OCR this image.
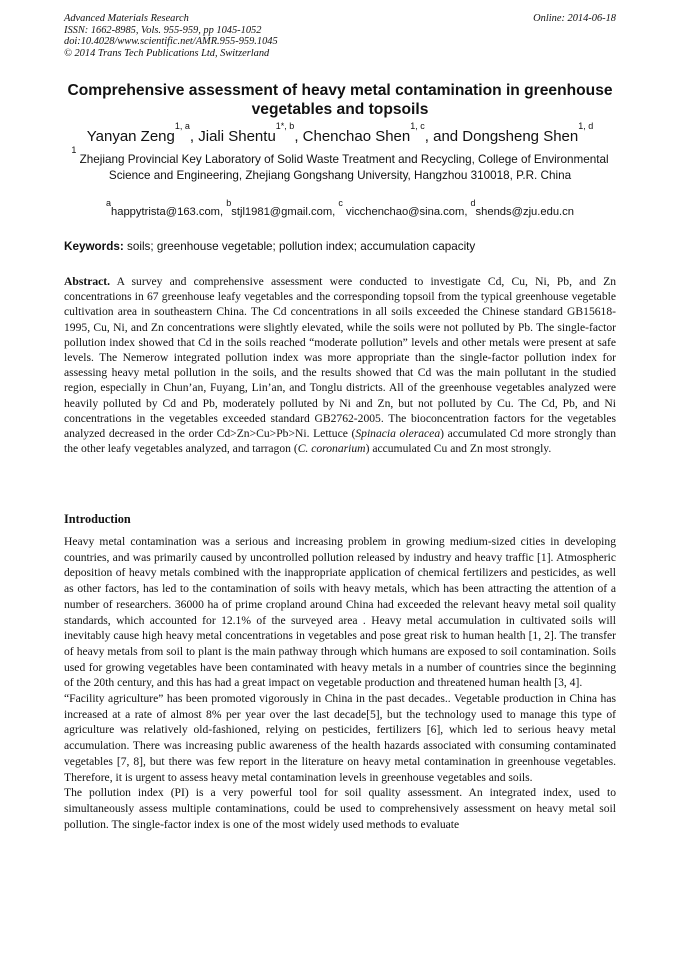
Advanced Materials Research
ISSN: 1662-8985, Vols. 955-959, pp 1045-1052
doi:10.4028/www.scientific.net/AMR.955-959.1045
© 2014 Trans Tech Publications Ltd, Switzerland
Online: 2014-06-18
Comprehensive assessment of heavy metal contamination in greenhouse vegetables and topsoils
Yanyan Zeng$^{1, a}$, Jiali Shentu$^{1*, b}$, Chenchao Shen$^{1, c}$, and Dongsheng Shen$^{1, d}$
$^1$ Zhejiang Provincial Key Laboratory of Solid Waste Treatment and Recycling, College of Environmental Science and Engineering, Zhejiang Gongshang University, Hangzhou 310018, P.R. China
$^a$happytrista@163.com, $^b$stjl1981@gmail.com, $^c$ vicchenchao@sina.com, $^d$shends@zju.edu.cn
Keywords: soils; greenhouse vegetable; pollution index; accumulation capacity
Abstract. A survey and comprehensive assessment were conducted to investigate Cd, Cu, Ni, Pb, and Zn concentrations in 67 greenhouse leafy vegetables and the corresponding topsoil from the typical greenhouse vegetable cultivation area in southeastern China. The Cd concentrations in all soils exceeded the Chinese standard GB15618-1995, Cu, Ni, and Zn concentrations were slightly elevated, while the soils were not polluted by Pb. The single-factor pollution index showed that Cd in the soils reached “moderate pollution” levels and other metals were present at safe levels. The Nemerow integrated pollution index was more appropriate than the single-factor pollution index for assessing heavy metal pollution in the soils, and the results showed that Cd was the main pollutant in the studied region, especially in Chun’an, Fuyang, Lin’an, and Tonglu districts. All of the greenhouse vegetables analyzed were heavily polluted by Cd and Pb, moderately polluted by Ni and Zn, but not polluted by Cu. The Cd, Pb, and Ni concentrations in the vegetables exceeded standard GB2762-2005. The bioconcentration factors for the vegetables analyzed decreased in the order Cd>Zn>Cu>Pb>Ni. Lettuce (Spinacia oleracea) accumulated Cd more strongly than the other leafy vegetables analyzed, and tarragon (C. coronarium) accumulated Cu and Zn most strongly.
Introduction

Heavy metal contamination was a serious and increasing problem in growing medium-sized cities in developing countries, and was primarily caused by uncontrolled pollution released by industry and heavy traffic [1]. Atmospheric deposition of heavy metals combined with the inappropriate application of chemical fertilizers and pesticides, as well as other factors, has led to the contamination of soils with heavy metals, which has been attracting the attention of a number of researchers. 36000 ha of prime cropland around China had exceeded the relevant heavy metal soil quality standards, which accounted for 12.1% of the surveyed area . Heavy metal accumulation in cultivated soils will inevitably cause high heavy metal concentrations in vegetables and pose great risk to human health [1, 2]. The transfer of heavy metals from soil to plant is the main pathway through which humans are exposed to soil contamination. Soils used for growing vegetables have been contaminated with heavy metals in a number of countries since the beginning of the 20th century, and this has had a great impact on vegetable production and threatened human health [3, 4].

“Facility agriculture” has been promoted vigorously in China in the past decades.. Vegetable production in China has increased at a rate of almost 8% per year over the last decade[5], but the technology used to manage this type of agriculture was relatively old-fashioned, relying on pesticides, fertilizers [6], which led to serious heavy metal accumulation. There was increasing public awareness of the health hazards associated with consuming contaminated vegetables [7, 8], but there was few report in the literature on heavy metal contamination in greenhouse vegetables. Therefore, it is urgent to assess heavy metal contamination levels in greenhouse vegetables and soils.

The pollution index (PI) is a very powerful tool for soil quality assessment. An integrated index, used to simultaneously assess multiple contaminations, could be used to comprehensively assessment on heavy metal soil pollution. The single-factor index is one of the most widely used methods to evaluate
